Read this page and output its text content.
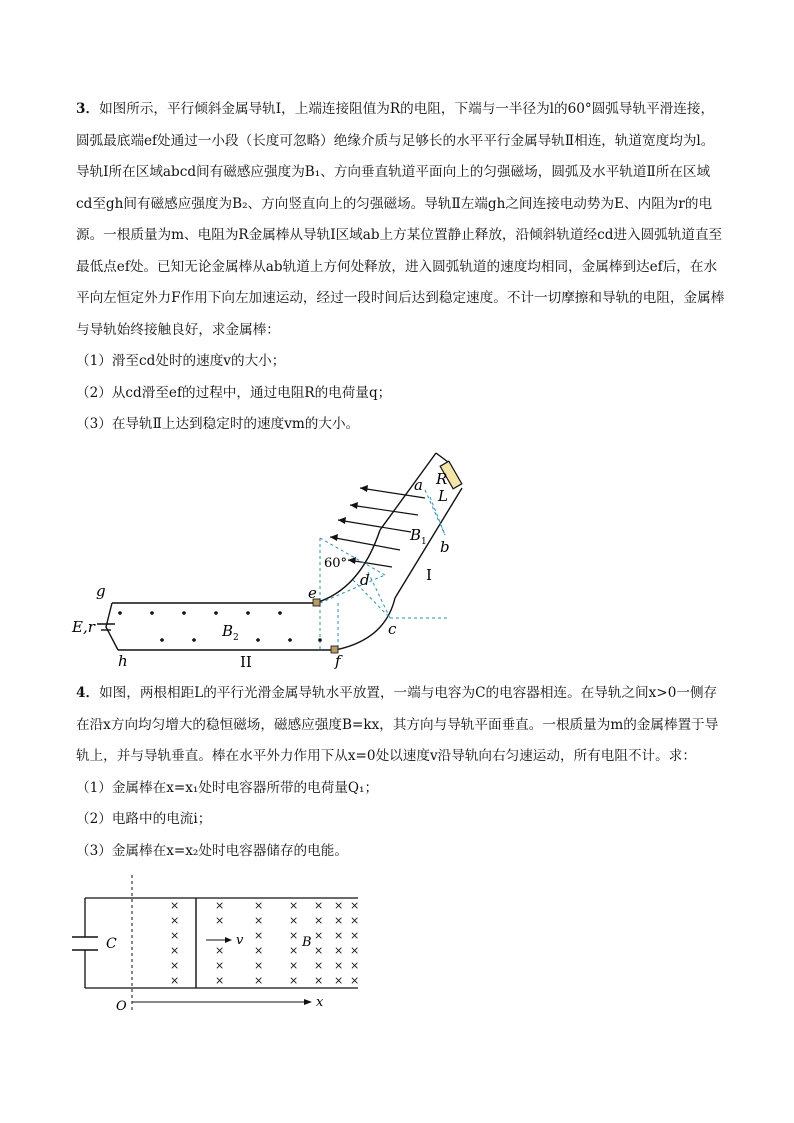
3．如图所示，平行倾斜金属导轨Ⅰ，上端连接阻值为R的电阻，下端与一半径为l的60°圆弧导轨平滑连接，圆弧最底端ef处通过一小段（长度可忽略）绝缘介质与足够长的水平平行金属导轨Ⅱ相连，轨道宽度均为l。导轨Ⅰ所在区域abcd间有磁感应强度为B₁、方向垂直轨道平面向上的匀强磁场，圆弧及水平轨道Ⅱ所在区域cd至gh间有磁感应强度为B₂、方向竖直向上的匀强磁场。导轨Ⅱ左端gh之间连接电动势为E、内阻为r的电源。一根质量为m、电阻为R金属棒从导轨Ⅰ区域ab上方某位置静止释放，沿倾斜轨道经cd进入圆弧轨道直至最低点ef处。已知无论金属棒从ab轨道上方何处释放，进入圆弧轨道的速度均相同，金属棒到达ef后，在水平向左恒定外力F作用下向左加速运动，经过一段时间后达到稳定速度。不计一切摩擦和导轨的电阻，金属棒与导轨始终接触良好，求金属棒：

（1）滑至cd处时的速度v的大小；

（2）从cd滑至ef的过程中，通过电阻R的电荷量q；

（3）在导轨Ⅱ上达到稳定时的速度vm的大小。

a
b
c
d
e
f
g
h
R
L
$B_1$
$B_2$
60°
I
II
E,r

4．如图，两根相距L的平行光滑金属导轨水平放置，一端与电容为C的电容器相连。在导轨之间x>0一侧存在沿x方向均匀增大的稳恒磁场，磁感应强度B=kx，其方向与导轨平面垂直。一根质量为m的金属棒置于导轨上，并与导轨垂直。棒在水平外力作用下从x=0处以速度v沿导轨向右匀速运动，所有电阻不计。求：

（1）金属棒在x=x₁处时电容器所带的电荷量Q₁；

（2）电路中的电流i；

（3）金属棒在x=x₂处时电容器储存的电能。

×
×
×
×
×
×
×
×
×
×
×
×
×
×
×
×
×
×
×
×
×
×
×
×
×
×
×
×
×
×
×
×
×
×
×
×
×
×
×
×
×
C	v	B
O	x
